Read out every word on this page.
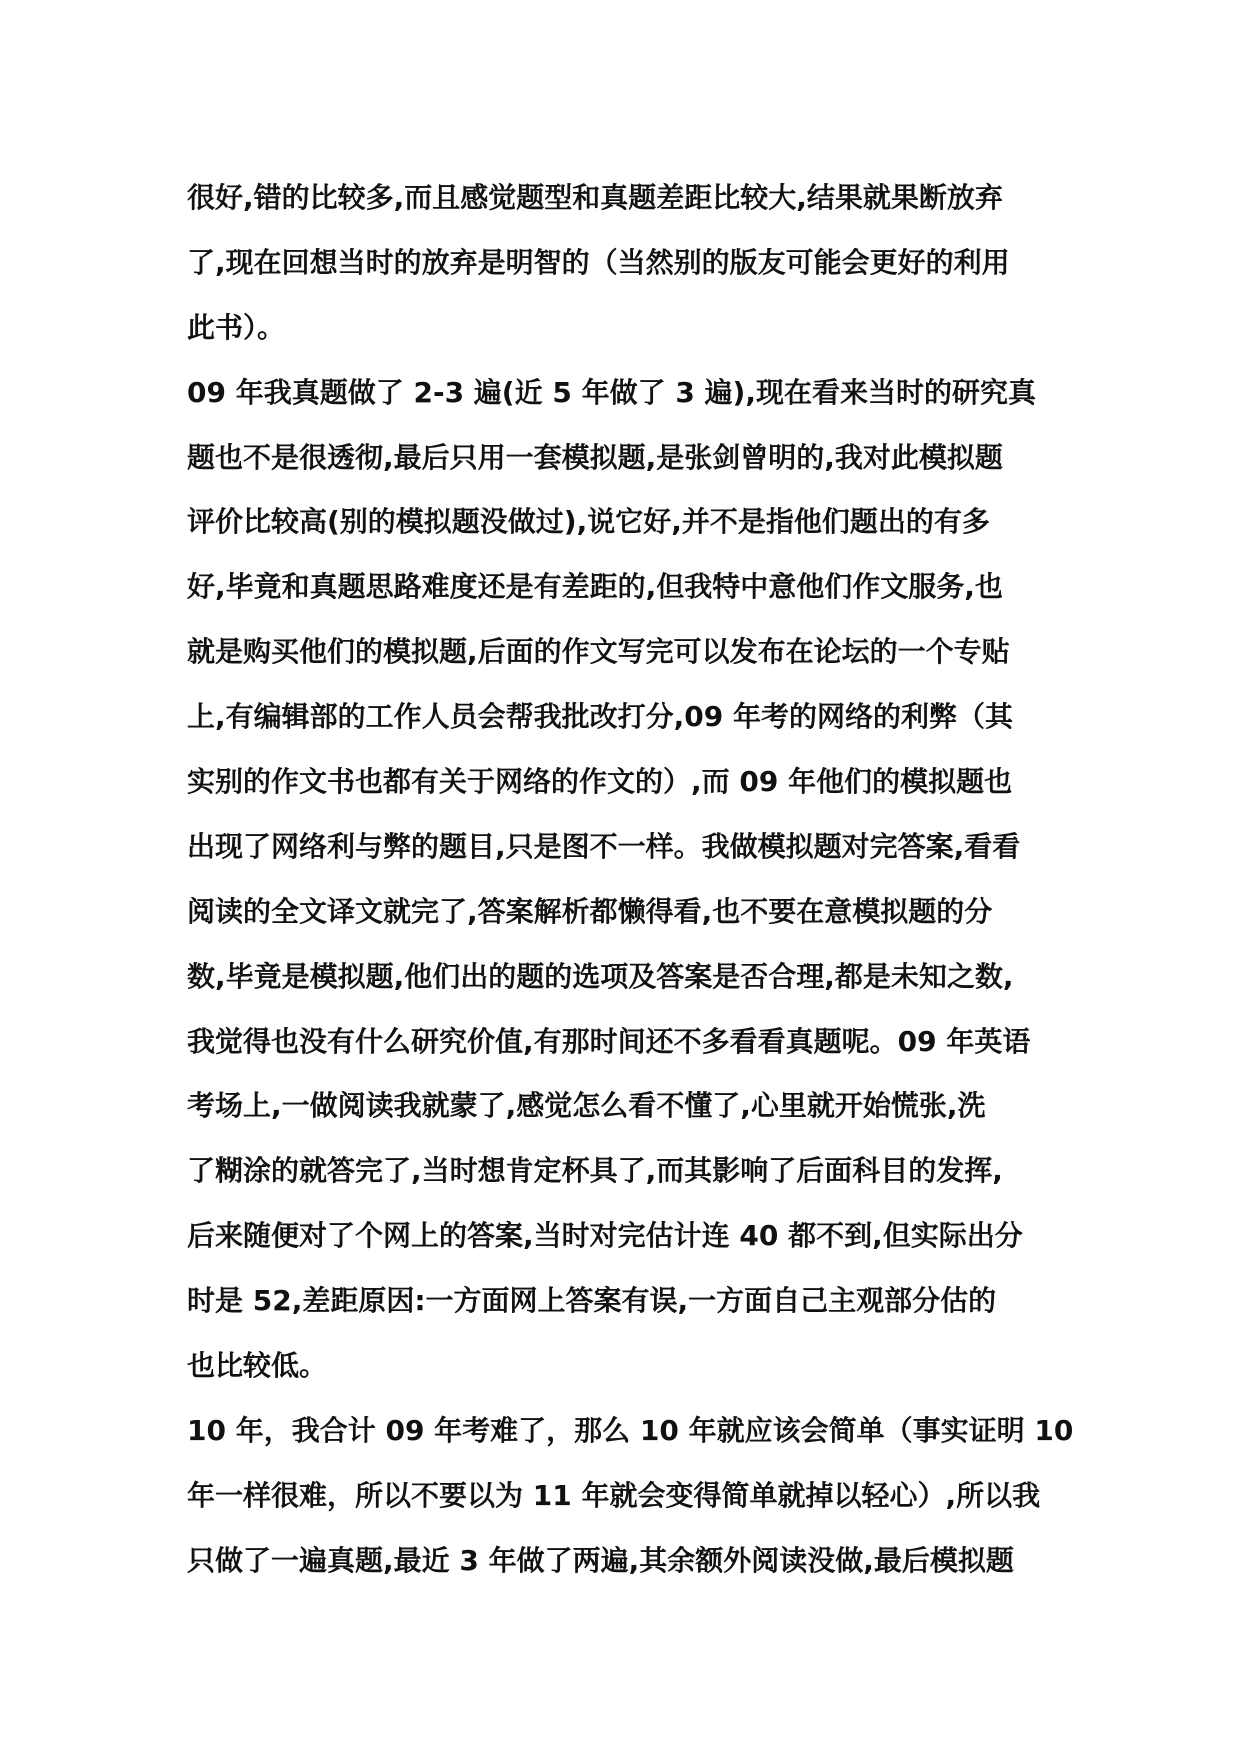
很好,错的比较多,而且感觉题型和真题差距比较大,结果就果断放弃
了,现在回想当时的放弃是明智的（当然别的版友可能会更好的利用
此书）。
09 年我真题做了 2-3 遍(近 5 年做了 3 遍),现在看来当时的研究真
题也不是很透彻,最后只用一套模拟题,是张剑曾明的,我对此模拟题
评价比较高(别的模拟题没做过),说它好,并不是指他们题出的有多
好,毕竟和真题思路难度还是有差距的,但我特中意他们作文服务,也
就是购买他们的模拟题,后面的作文写完可以发布在论坛的一个专贴
上,有编辑部的工作人员会帮我批改打分,09 年考的网络的利弊（其
实别的作文书也都有关于网络的作文的）,而 09 年他们的模拟题也
出现了网络利与弊的题目,只是图不一样。我做模拟题对完答案,看看
阅读的全文译文就完了,答案解析都懒得看,也不要在意模拟题的分
数,毕竟是模拟题,他们出的题的选项及答案是否合理,都是未知之数,
我觉得也没有什么研究价值,有那时间还不多看看真题呢。09 年英语
考场上,一做阅读我就蒙了,感觉怎么看不懂了,心里就开始慌张,洗
了糊涂的就答完了,当时想肯定杯具了,而其影响了后面科目的发挥,
后来随便对了个网上的答案,当时对完估计连 40 都不到,但实际出分
时是 52,差距原因:一方面网上答案有误,一方面自己主观部分估的
也比较低。
10 年，我合计 09 年考难了，那么 10 年就应该会简单（事实证明 10
年一样很难，所以不要以为 11 年就会变得简单就掉以轻心）,所以我
只做了一遍真题,最近 3 年做了两遍,其余额外阅读没做,最后模拟题
